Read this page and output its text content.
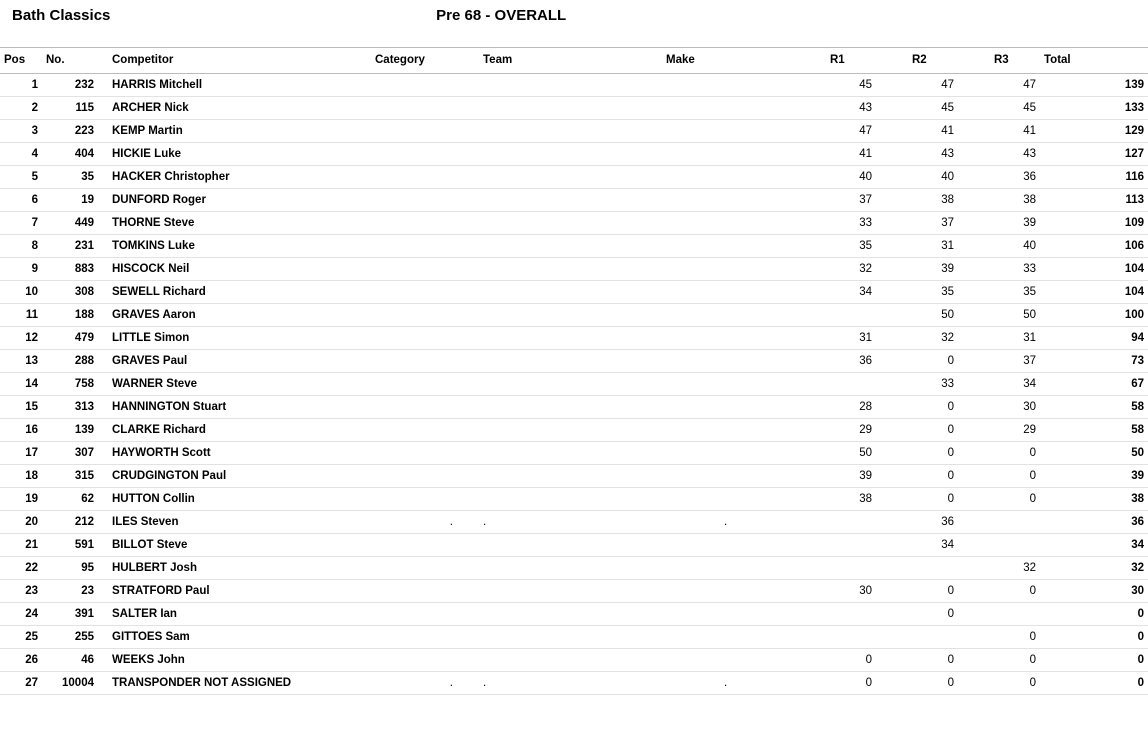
Bath Classics	Pre 68 - OVERALL
Pos	No.	Competitor	Category		Team	Make		R1		R2		R3	Total
1	232	HARRIS Mitchell						45		47		47	139
2	115	ARCHER Nick						43		45		45	133
3	223	KEMP Martin						47		41		41	129
4	404	HICKIE Luke						41		43		43	127
5	35	HACKER Christopher						40		40		36	116
6	19	DUNFORD Roger						37		38		38	113
7	449	THORNE Steve						33		37		39	109
8	231	TOMKINS Luke						35		31		40	106
9	883	HISCOCK Neil						32		39		33	104
10	308	SEWELL Richard						34		35		35	104
11	188	GRAVES Aaron								50		50	100
12	479	LITTLE Simon						31		32		31	94
13	288	GRAVES Paul						36		0		37	73
14	758	WARNER Steve								33		34	67
15	313	HANNINGTON Stuart						28		0		30	58
16	139	CLARKE Richard						29		0		29	58
17	307	HAYWORTH Scott						50		0		0	50
18	315	CRUDGINGTON Paul						39		0		0	39
19	62	HUTTON Collin						38		0		0	38
20	212	ILES Steven	.		.		.			36			36
21	591	BILLOT Steve								34			34
22	95	HULBERT Josh										32	32
23	23	STRATFORD Paul						30		0		0	30
24	391	SALTER Ian								0			0
25	255	GITTOES Sam										0	0
26	46	WEEKS John						0		0		0	0
27	10004	TRANSPONDER NOT ASSIGNED	.		.		.	0		0		0	0
